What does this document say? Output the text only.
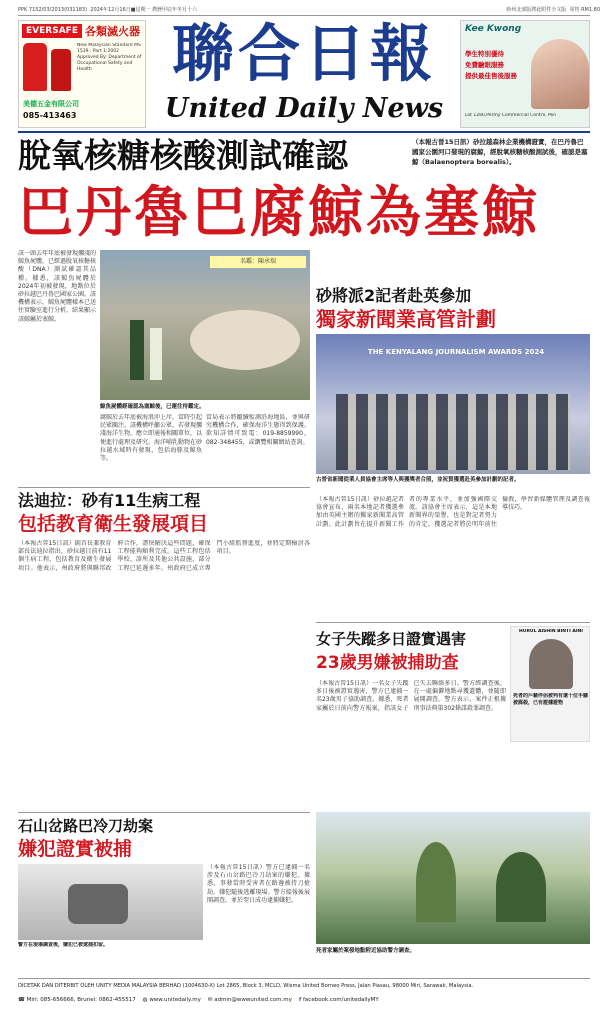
PPK 7152/03/2013(031183) 2024年12月16日■星期一 農曆甲辰年冬月十六	砂州北部版將此附件全文版 零售 RM1.80
EVERSAFE 各類滅火器
New Malaysian Standard MS 1539 : Part 1:2002
Approved By: Department of Occupational Safety and Health
美德五金有限公司
085-413463
聯合日報
United Daily News
Kee Kwong
學生特別優待
免費驗眼服務
提供最佳售後服務
Lot 1280,Permy Commercial Centre, Miri
脫氧核糖核酸測試確認	（本報古晉15日訊）砂拉越森林企業機構證實，在巴丹魯巴國家公園河口發現的腐鯨，經脫氧核糖核酸測試後，確認是塞鯨（Balaenoptera borealis）。
巴丹魯巴腐鯨為塞鯨
該一頭去年年底被發現擱淺的鯨魚屍體，已經過脫氧核糖核酸（DNA）測試確認其品種。據悉，該鯨魚屍體於2024年初被發現，地點位於砂拉越巴丹魯巴國家公園。該機構表示，鯨魚屍體樣本已送往實驗室進行分析，結果顯示該鯨屬於塞鯨。
名鑑：陳承瑞
鯨魚屍體經確認為塞鯨後，已運往待鑑定。
腐鯨於去年底被海浪沖上岸，當時引起民眾關注。該機構呼籲公眾，若發現擱淺海洋生物，應立即通報相關單位，以便進行處理及研究。海洋哺乳動物在砂拉越水域時有發現，包括海豚及鯨魚等。
當局表示將繼續監測沿海地區，並與研究機構合作，確保海洋生態得到保護。欲知詳情可致電：019-8859990，082-348455，或瀏覽相關網站查詢。
砂將派2記者赴英參加
獨家新聞業高管計劃
THE KENYALANG JOURNALISM AWARDS 2024
古晉省新聞從業人員協會主席等人與獲獎者合照，並祝賀獲選赴英參加計劃的記者。
（本報古晉15日訊）砂拉越記者協會宣布，兩名本地記者獲選參加由英國主辦的獨家新聞業高管計劃。此計劃旨在提升新聞工作者的專業水平，並加強國際交流。該協會主席表示，這是本地新聞界的榮譽，也是對記者努力的肯定。獲選記者將於明年前往倫敦，學習新媒體管理及調查報導技巧。
法迪拉：砂有11生病工程
包括教育衛生發展項目
（本報古晉15日訊）副首長兼教育部長法迪拉指出，砂拉越目前有11個生病工程，包括教育及衛生發展項目。他表示，州政府將與聯邦政府合作，盡快解決這些問題，確保工程能夠順利完成。這些工程包括學校、診所及其他公共設施，部分工程已延遲多年。州政府已成立專門小組監督進度，並將定期檢討各項目。
女子失蹤多日證實遇害
23歲男嫌被捕助查
HURUL AISHIN BINTI AINI
死者的戶藉伴侶被判有還十位手腳被謀殺，已有證據證物
（本報古晉15日訊）一名女子失蹤多日後被證實遇害，警方已逮捕一名23歲男子協助調查。據悉，死者家屬於日前向警方報案，指該女子已失去聯絡多日。警方經調查後，在一處偏僻地點尋獲遺體，並隨即展開調查。警方表示，案件正根據刑事法典第302條謀殺罪調查。
死者家屬於案發地點附近協助警方調查。
石山岔路巴冷刀劫案
嫌犯證實被捕
（本報古晉15日訊）警方已逮捕一名涉及石山岔路巴冷刀劫案的嫌犯。據悉，事發當時受害者在路邊被持刀搶劫，嫌犯隨後逃離現場。警方接報後展開調查，並於翌日成功逮捕嫌犯。
警方在現場調查後，嫌犯已被逮捕扣留。
DICETAK DAN DITERBIT OLEH UNITY MEDIA MALAYSIA BERHAD (1004630-X) Lot 2865, Block 3, MCLD, Wisma United Borneo Press, Jalan Piasau, 98000 Miri, Sarawak, Malaysia.
☎ Miri: 085-656666, Brunei: 0862-455517 ◍ www.unitedaily.my ✉ admin@wwwunited.com.my f facebook.com/unitedailyMY
